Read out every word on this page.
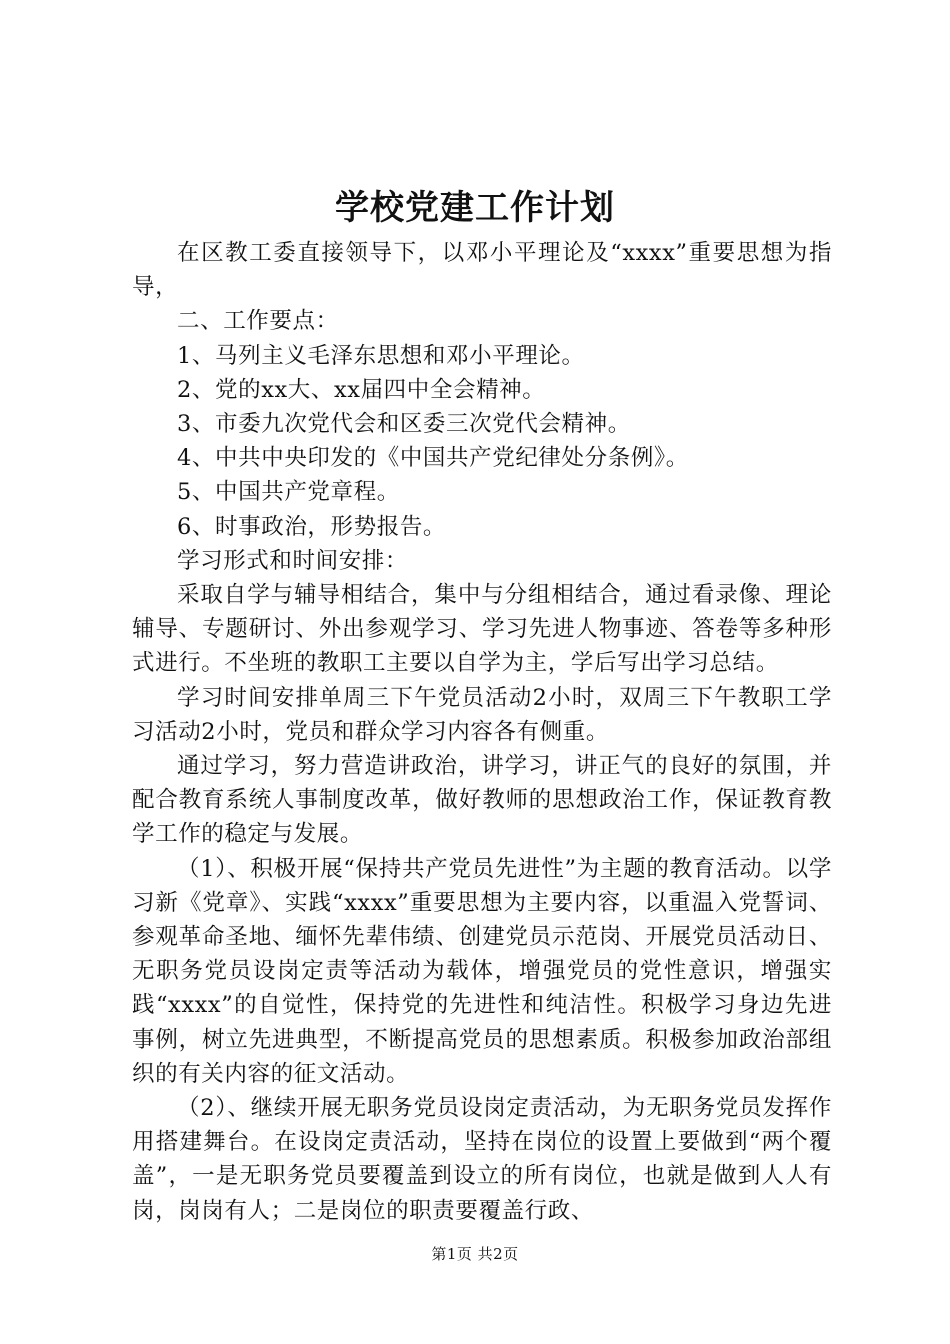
学校党建工作计划

在区教工委直接领导下，以邓小平理论及“xxxx”重要思想为指导，

二、工作要点：

1、马列主义毛泽东思想和邓小平理论。

2、党的xx大、xx届四中全会精神。

3、市委九次党代会和区委三次党代会精神。

4、中共中央印发的《中国共产党纪律处分条例》。

5、中国共产党章程。

6、时事政治，形势报告。

学习形式和时间安排：

采取自学与辅导相结合，集中与分组相结合，通过看录像、理论辅导、专题研讨、外出参观学习、学习先进人物事迹、答卷等多种形式进行。不坐班的教职工主要以自学为主，学后写出学习总结。

学习时间安排单周三下午党员活动2小时，双周三下午教职工学习活动2小时，党员和群众学习内容各有侧重。

通过学习，努力营造讲政治，讲学习，讲正气的良好的氛围，并配合教育系统人事制度改革，做好教师的思想政治工作，保证教育教学工作的稳定与发展。

（1）、积极开展“保持共产党员先进性”为主题的教育活动。以学习新《党章》、实践“xxxx”重要思想为主要内容，以重温入党誓词、参观革命圣地、缅怀先辈伟绩、创建党员示范岗、开展党员活动日、无职务党员设岗定责等活动为载体，增强党员的党性意识，增强实践“xxxx”的自觉性，保持党的先进性和纯洁性。积极学习身边先进事例，树立先进典型，不断提高党员的思想素质。积极参加政治部组织的有关内容的征文活动。

（2）、继续开展无职务党员设岗定责活动，为无职务党员发挥作用搭建舞台。在设岗定责活动，坚持在岗位的设置上要做到“两个覆盖”，一是无职务党员要覆盖到设立的所有岗位，也就是做到人人有岗，岗岗有人；二是岗位的职责要覆盖行政、

第1页 共2页
